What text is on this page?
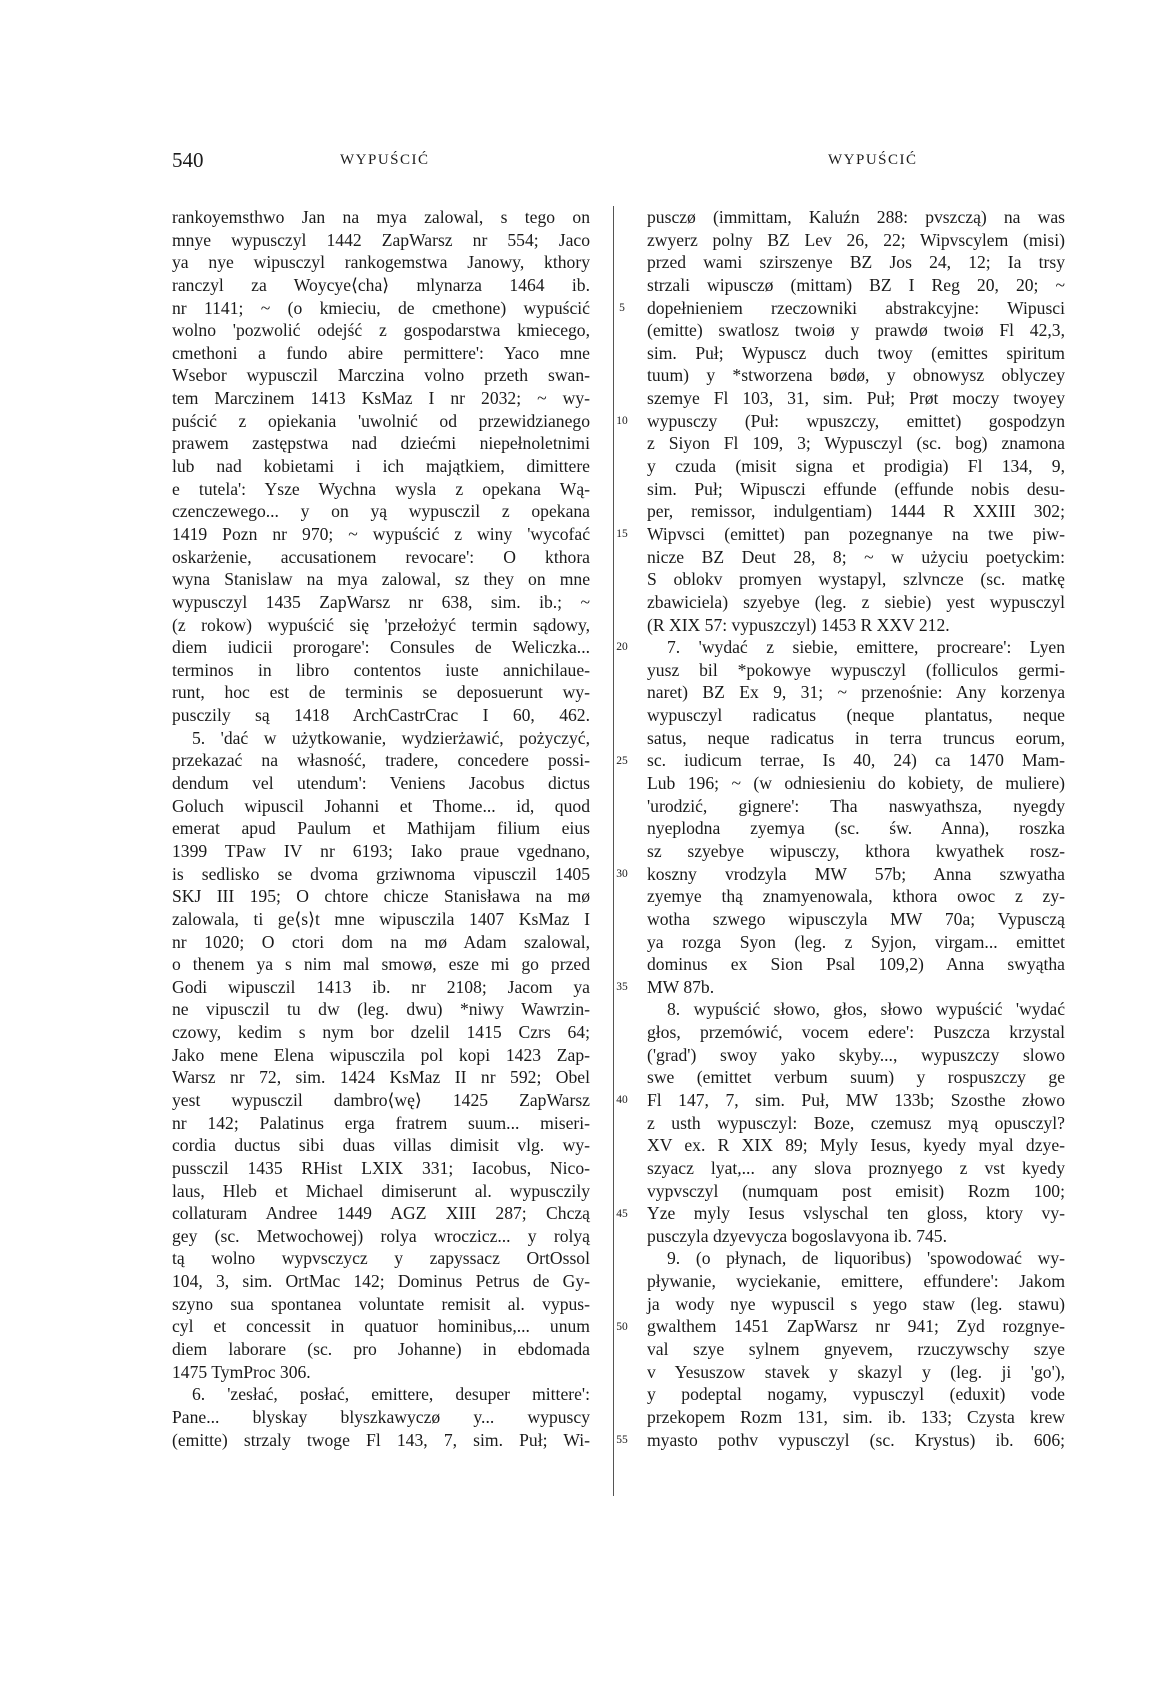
540	WYPUŚCIĆ	WYPUŚCIĆ
rankoyemsthwo Jan na mya zalowal, s tego on
mnye wypusczyl 1442 ZapWarsz nr 554; Jaco
ya nye wipusczyl rankogemstwa Janowy, kthory
ranczyl za Woycye⟨cha⟩ mlynarza 1464 ib.
nr 1141; ~ (o kmieciu, de cmethone) wypuścić
wolno 'pozwolić odejść z gospodarstwa kmiecego,
cmethoni a fundo abire permittere': Yaco mne
Wsebor wypusczil Marczina volno przeth swan-
tem Marczinem 1413 KsMaz I nr 2032; ~ wy-
puścić z opiekania 'uwolnić od przewidzianego
prawem zastępstwa nad dziećmi niepełnoletnimi
lub nad kobietami i ich majątkiem, dimittere
e tutela': Ysze Wychna wysla z opekana Wą-
czenczewego... y on yą wypusczil z opekana
1419 Pozn nr 970; ~ wypuścić z winy 'wycofać
oskarżenie, accusationem revocare': O kthora
wyna Stanislaw na mya zalowal, sz they on mne
wypusczyl 1435 ZapWarsz nr 638, sim. ib.; ~
(z rokow) wypuścić się 'przełożyć termin sądowy,
diem iudicii prorogare': Consules de Weliczka...
terminos in libro contentos iuste annichilaue-
runt, hoc est de terminis se deposuerunt wy-
pusczily są 1418 ArchCastrCrac I 60, 462.
5. 'dać w użytkowanie, wydzierżawić, pożyczyć,
przekazać na własność, tradere, concedere possi-
dendum vel utendum': Veniens Jacobus dictus
Goluch wipuscil Johanni et Thome... id, quod
emerat apud Paulum et Mathijam filium eius
1399 TPaw IV nr 6193; Iako praue vgednano,
is sedlisko se dvoma grziwnoma vipusczil 1405
SKJ III 195; O chtore chicze Stanisława na mø
zalowala, ti ge⟨s⟩t mne wipusczila 1407 KsMaz I
nr 1020; O ctori dom na mø Adam szalowal,
o thenem ya s nim mal smowø, esze mi go przed
Godi wipusczil 1413 ib. nr 2108; Jacom ya
ne vipusczil tu dw (leg. dwu) *niwy Wawrzin-
czowy, kedim s nym bor dzelil 1415 Czrs 64;
Jako mene Elena wipusczila pol kopi 1423 Zap-
Warsz nr 72, sim. 1424 KsMaz II nr 592; Obel
yest wypusczil dambro⟨wę⟩ 1425 ZapWarsz
nr 142; Palatinus erga fratrem suum... miseri-
cordia ductus sibi duas villas dimisit vlg. wy-
pussczil 1435 RHist LXIX 331; Iacobus, Nico-
laus, Hleb et Michael dimiserunt al. wypusczily
collaturam Andree 1449 AGZ XIII 287; Chczą
gey (sc. Metwochowej) rolya wroczicz... y rolyą
tą wolno wypvsczycz y zapyssacz OrtOssol
104, 3, sim. OrtMac 142; Dominus Petrus de Gy-
szyno sua spontanea voluntate remisit al. vypus-
cyl et concessit in quatuor hominibus,... unum
diem laborare (sc. pro Johanne) in ebdomada
1475 TymProc 306.
6. 'zesłać, posłać, emittere, desuper mittere':
Pane... blyskay blyszkawyczø y... wypuscy
(emitte) strzaly twoge Fl 143, 7, sim. Puł; Wi-
5
10
15
20
25
30
35
40
45
50
55
pusczø (immittam, Kaluźn 288: pvszczą) na was
zwyerz polny BZ Lev 26, 22; Wipvscylem (misi)
przed wami szirszenye BZ Jos 24, 12; Ia trsy
strzali wipusczø (mittam) BZ I Reg 20, 20; ~
dopełnieniem rzeczowniki abstrakcyjne: Wipusci
(emitte) swatlosz twoiø y prawdø twoiø Fl 42,3,
sim. Puł; Wypuscz duch twoy (emittes spiritum
tuum) y *stworzena bødø, y obnowysz oblyczey
szemye Fl 103, 31, sim. Puł; Prøt moczy twoyey
wypusczy (Puł: wpuszczy, emittet) gospodzyn
z Siyon Fl 109, 3; Wypusczyl (sc. bog) znamona
y czuda (misit signa et prodigia) Fl 134, 9,
sim. Puł; Wipusczi effunde (effunde nobis desu-
per, remissor, indulgentiam) 1444 R XXIII 302;
Wipvsci (emittet) pan pozegnanye na twe piw-
nicze BZ Deut 28, 8; ~ w użyciu poetyckim:
S oblokv promyen wystapyl, szlvncze (sc. matkę
zbawiciela) szyebye (leg. z siebie) yest wypusczyl
(R XIX 57: vypuszczyl) 1453 R XXV 212.
7. 'wydać z siebie, emittere, procreare': Lyen
yusz bil *pokowye wypusczyl (folliculos germi-
naret) BZ Ex 9, 31; ~ przenośnie: Any korzenya
wypusczyl radicatus (neque plantatus, neque
satus, neque radicatus in terra truncus eorum,
sc. iudicum terrae, Is 40, 24) ca 1470 Mam-
Lub 196; ~ (w odniesieniu do kobiety, de muliere)
'urodzić, gignere': Tha naswyathsza, nyegdy
nyeplodna zyemya (sc. św. Anna), roszka
sz szyebye wipusczy, kthora kwyathek rosz-
koszny vrodzyla MW 57b; Anna szwyatha
zyemye thą znamyenowala, kthora owoc z zy-
wotha szwego wipusczyla MW 70a; Vypusczą
ya rozga Syon (leg. z Syjon, virgam... emittet
dominus ex Sion Psal 109,2) Anna swyątha
MW 87b.
8. wypuścić słowo, głos, słowo wypuścić 'wydać
głos, przemówić, vocem edere': Puszcza krzystal
('grad') swoy yako skyby..., wypuszczy slowo
swe (emittet verbum suum) y rospuszczy ge
Fl 147, 7, sim. Puł, MW 133b; Szosthe złowo
z usth wypusczyl: Boze, czemusz myą opusczyl?
XV ex. R XIX 89; Myly Iesus, kyedy myal dzye-
szyacz lyat,... any slova proznyego z vst kyedy
vypvsczyl (numquam post emisit) Rozm 100;
Yze myly Iesus vslyschal ten gloss, ktory vy-
pusczyla dzyevycza bogoslavyona ib. 745.
9. (o płynach, de liquoribus) 'spowodować wy-
pływanie, wyciekanie, emittere, effundere': Jakom
ja wody nye wypuscil s yego staw (leg. stawu)
gwalthem 1451 ZapWarsz nr 941; Zyd rozgnye-
val szye sylnem gnyevem, rzuczywschy szye
v Yesuszow stavek y skazyl y (leg. ji 'go'),
y podeptal nogamy, vypusczyl (eduxit) vode
przekopem Rozm 131, sim. ib. 133; Czysta krew
myasto pothv vypusczyl (sc. Krystus) ib. 606;
